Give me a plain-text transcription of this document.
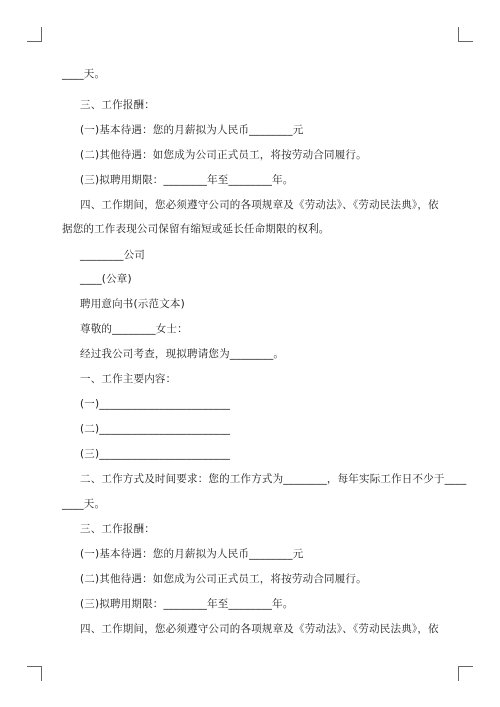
____天。
三、工作报酬：
(一)基本待遇：您的月薪拟为人民币________元
(二)其他待遇：如您成为公司正式员工，将按劳动合同履行。
(三)拟聘用期限：________年至________年。
四、工作期间，您必须遵守公司的各项规章及《劳动法》、《劳动民法典》，依
据您的工作表现公司保留有缩短或延长任命期限的权利。
________公司
____(公章)
聘用意向书(示范文本)
尊敬的________女士：
经过我公司考查，现拟聘请您为________。
一、工作主要内容：
(一)________________________
(二)________________________
(三)________________________
二、工作方式及时间要求：您的工作方式为________，每年实际工作日不少于____
____天。
三、工作报酬：
(一)基本待遇：您的月薪拟为人民币________元
(二)其他待遇：如您成为公司正式员工，将按劳动合同履行。
(三)拟聘用期限：________年至________年。
四、工作期间，您必须遵守公司的各项规章及《劳动法》、《劳动民法典》，依
